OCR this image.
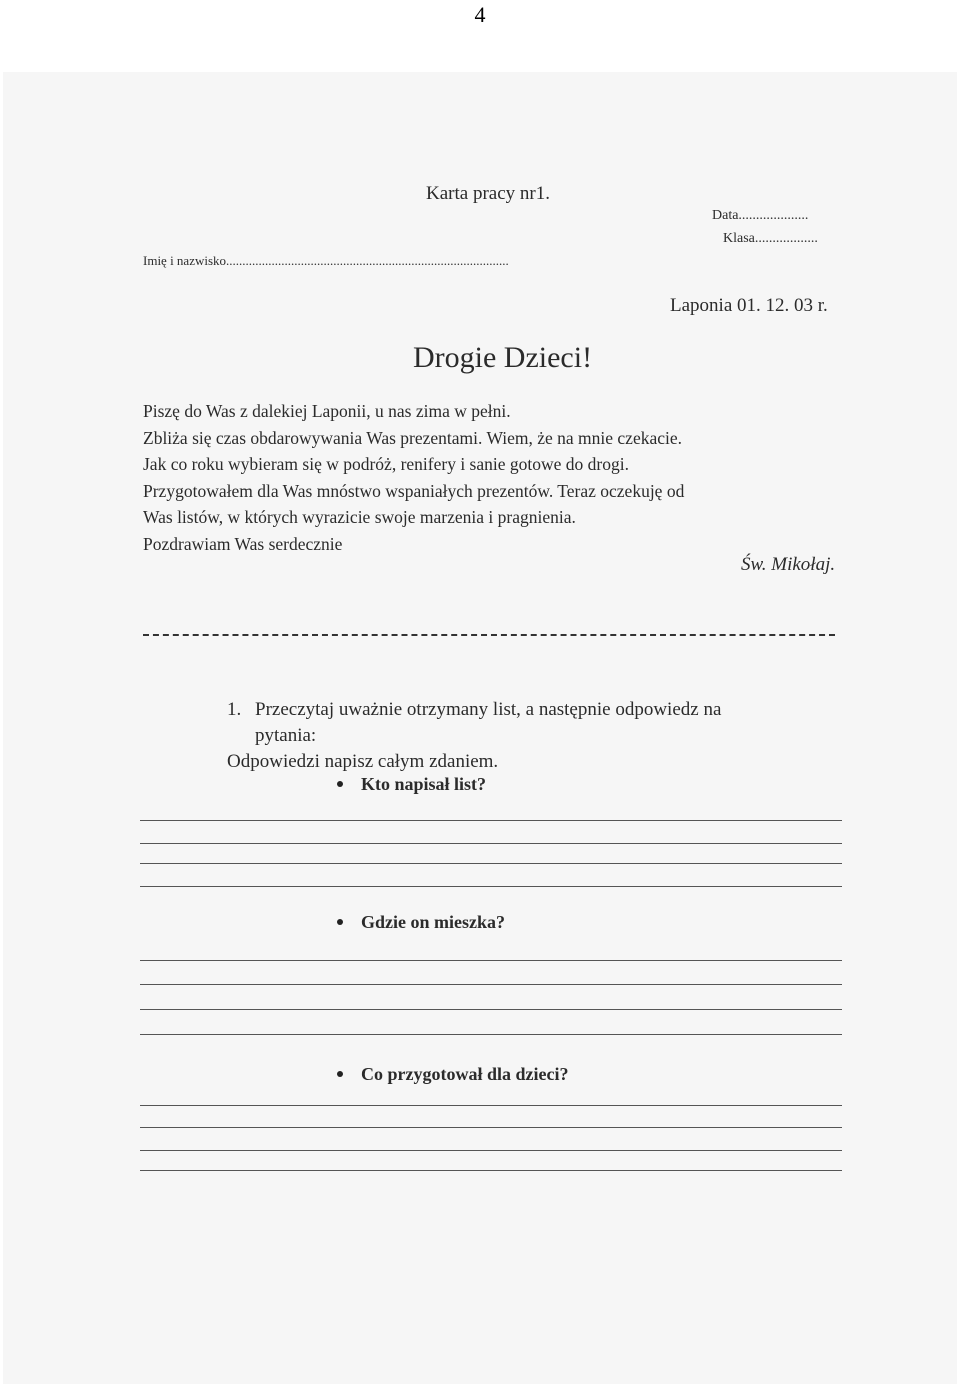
4
Karta pracy nr1.
Data....................
Klasa..................
Imię i nazwisko.......................................................................................
Laponia 01. 12. 03 r.
Drogie Dzieci!
Piszę do Was z dalekiej Laponii, u nas zima w pełni.
Zbliża się czas obdarowywania Was prezentami. Wiem, że na mnie czekacie.
Jak co roku wybieram się w podróż, renifery i sanie gotowe do drogi.
Przygotowałem dla Was mnóstwo wspaniałych prezentów. Teraz oczekuję od
Was listów, w których wyrazicie swoje marzenia i pragnienia.
Pozdrawiam Was serdecznie
Św. Mikołaj.
1. Przeczytaj uważnie otrzymany list, a następnie odpowiedz na
pytania:
Odpowiedzi napisz całym zdaniem.
Kto napisał list?
Gdzie on mieszka?
Co przygotował dla dzieci?
